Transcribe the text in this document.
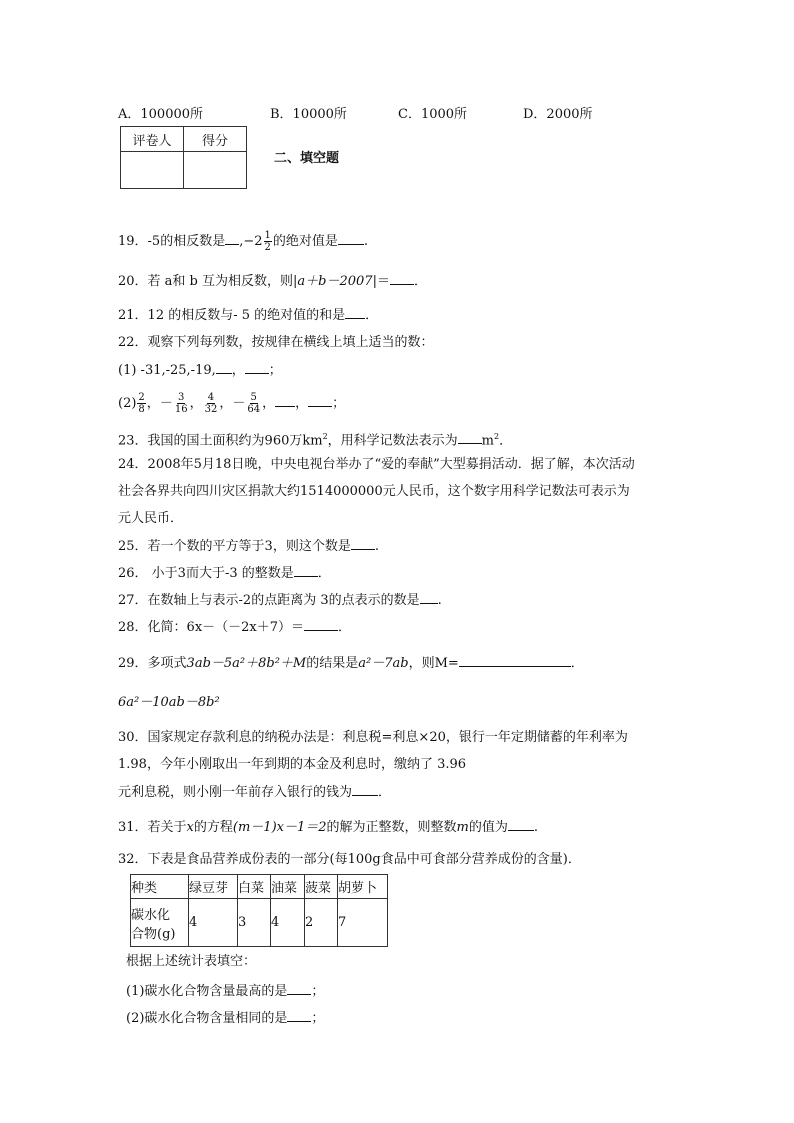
A．100000所	B．10000所	C．1000所	D．2000所
评卷人	得分

二、填空题
19．-5的相反数是 $,-2 \frac{1}{2}$ 的绝对值是 .
20．若 a和 b 互为相反数，则|a＋b－2007|＝ ．
21．12 的相反数与- 5 的绝对值的和是 ．
22．观察下列每列数，按规律在横线上填上适当的数：
(1) -31,-25,-19, ， ；
$(2) \frac{2}{8}$ ，－ $\frac{3}{16}$ ， $\frac{4}{32}$ ，－ $\frac{5}{64}$ ， ， ；
23．我国的国土面积约为960万$km^2$，用科学记数法表示为 $m^2$．
24．2008年5月18日晚，中央电视台举办了“爱的奉献”大型募捐活动．据了解，本次活动
社会各界共向四川灾区捐款大约1514000000元人民币，这个数字用科学记数法可表示为
元人民币．
25．若一个数的平方等于3，则这个数是 .
26． 小于3而大于-3 的整数是 ．
27．在数轴上与表示-2的点距离为 3的点表示的数是 .
28．化简：6x－（－2x＋7）＝	．
29．多项式3ab－5a²＋8b²＋M的结果是a²－7ab，则M=	．
6a²－10ab－8b²
30．国家规定存款利息的纳税办法是：利息税=利息×20，银行一年定期储蓄的年利率为
1.98，今年小刚取出一年到期的本金及利息时，缴纳了 3.96
元利息税，则小刚一年前存入银行的钱为 ．
31．若关于x的方程(m－1)x－1＝2的解为正整数，则整数m的值为 .
32．下表是食品营养成份表的一部分(每100g食品中可食部分营养成份的含量)．
种类	绿豆芽	白菜	油菜	菠菜	胡萝卜

碳水化
合物(g)	4	3	4	2	7
根据上述统计表填空：
(1)碳水化合物含量最高的是 ；
(2)碳水化合物含量相同的是 ；
